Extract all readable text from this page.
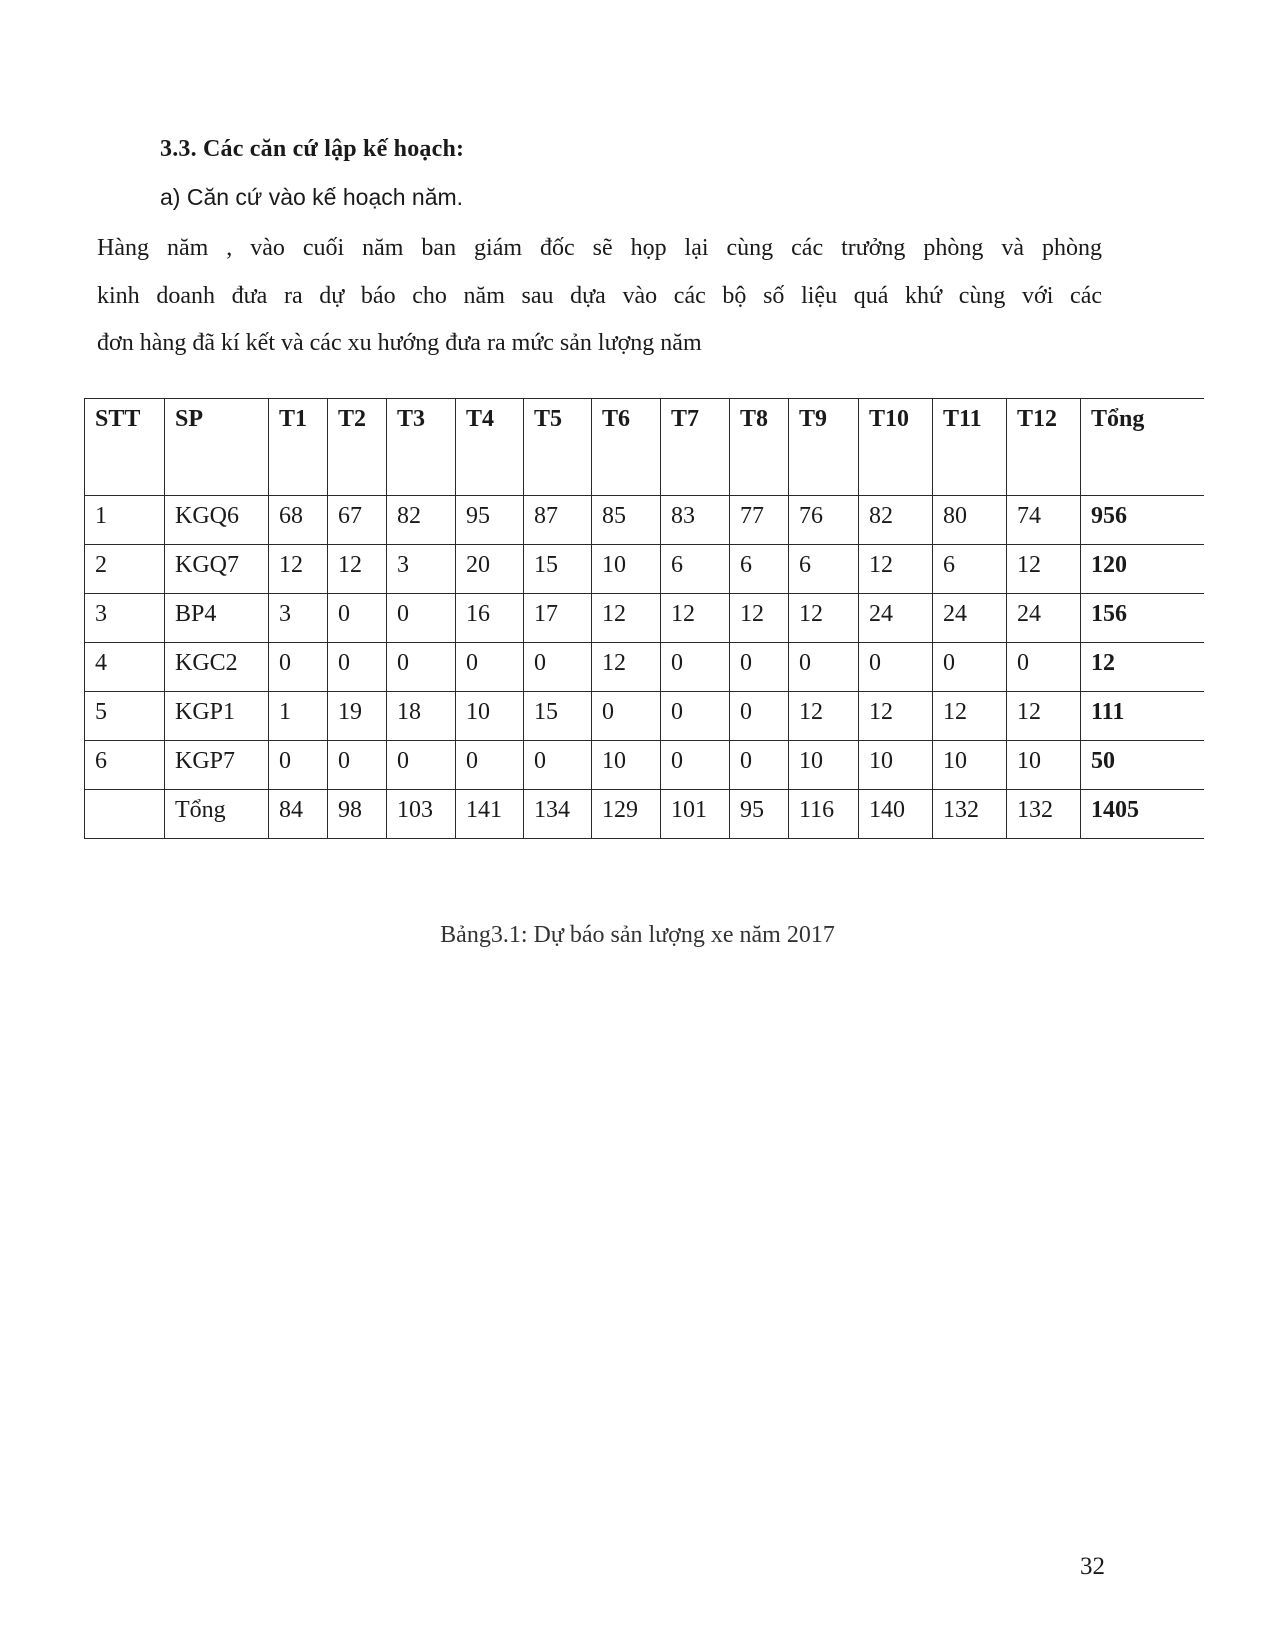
3.3. Các căn cứ lập kế hoạch:
a) Căn cứ vào kế hoạch năm.
Hàng năm , vào cuối năm ban giám đốc sẽ họp lại cùng các trưởng phòng và phòng
kinh doanh đưa ra dự báo cho năm sau dựa vào các bộ số liệu quá khứ cùng với các
đơn hàng đã kí kết và các xu hướng đưa ra mức sản lượng năm
STT	SP	T1	T2	T3	T4	T5	T6	T7	T8	T9	T10	T11	T12	Tổng
1	KGQ6	68	67	82	95	87	85	83	77	76	82	80	74	956
2	KGQ7	12	12	3	20	15	10	6	6	6	12	6	12	120
3	BP4	3	0	0	16	17	12	12	12	12	24	24	24	156
4	KGC2	0	0	0	0	0	12	0	0	0	0	0	0	12
5	KGP1	1	19	18	10	15	0	0	0	12	12	12	12	111
6	KGP7	0	0	0	0	0	10	0	0	10	10	10	10	50
	Tổng	84	98	103	141	134	129	101	95	116	140	132	132	1405
Bảng3.1: Dự báo sản lượng xe năm 2017
32
